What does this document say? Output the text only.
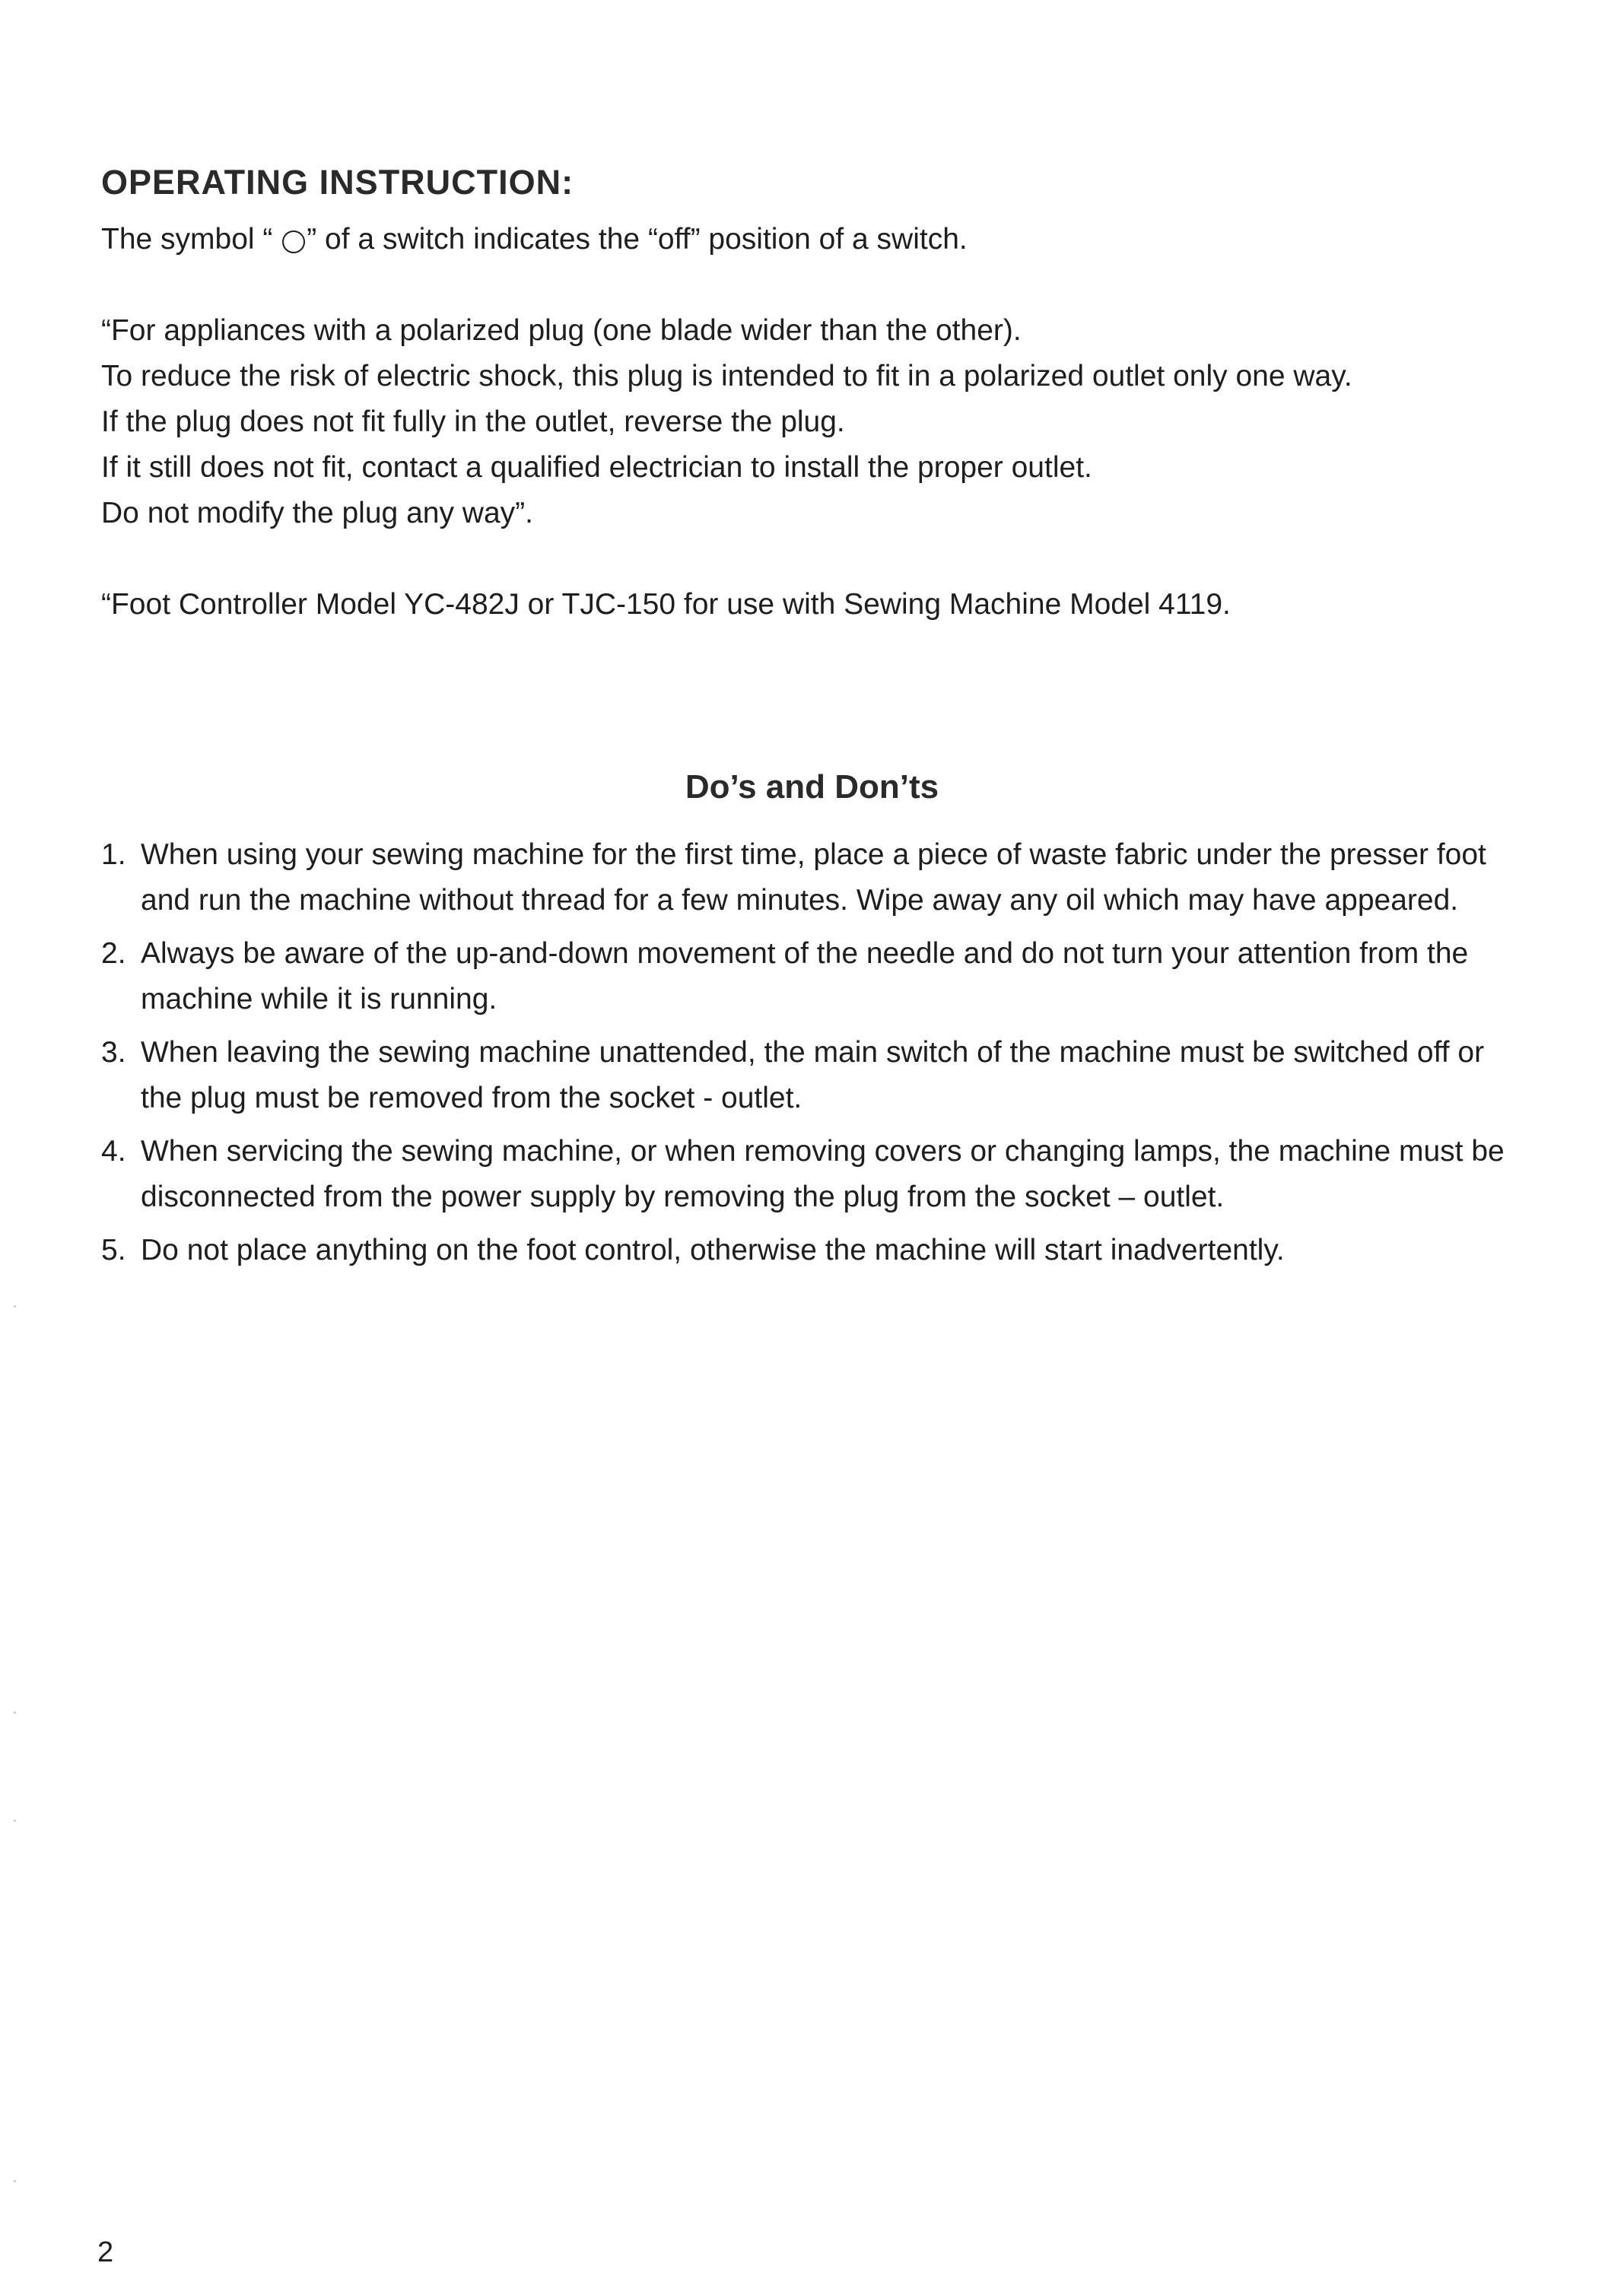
OPERATING INSTRUCTION:

The symbol “ ” of a switch indicates the “off” position of a switch.

“For appliances with a polarized plug (one blade wider than the other).

To reduce the risk of electric shock, this plug is intended to fit in a polarized outlet only one way.

If the plug does not fit fully in the outlet, reverse the plug.

If it still does not fit, contact a qualified electrician to install the proper outlet.

Do not modify the plug any way”.

“Foot Controller Model YC-482J or TJC-150 for use with Sewing Machine Model 4119.

Do’s and Don’ts
1. When using your sewing machine for the first time, place a piece of waste fabric under the presser foot
and run the machine without thread for a few minutes. Wipe away any oil which may have appeared.
2. Always be aware of the up-and-down movement of the needle and do not turn your attention from the
machine while it is running.
3. When leaving the sewing machine unattended, the main switch of the machine must be switched off or
the plug must be removed from the socket - outlet.
4. When servicing the sewing machine, or when removing covers or changing lamps, the machine must be
disconnected from the power supply by removing the plug from the socket – outlet.
5. Do not place anything on the foot control, otherwise the machine will start inadvertently.

2
